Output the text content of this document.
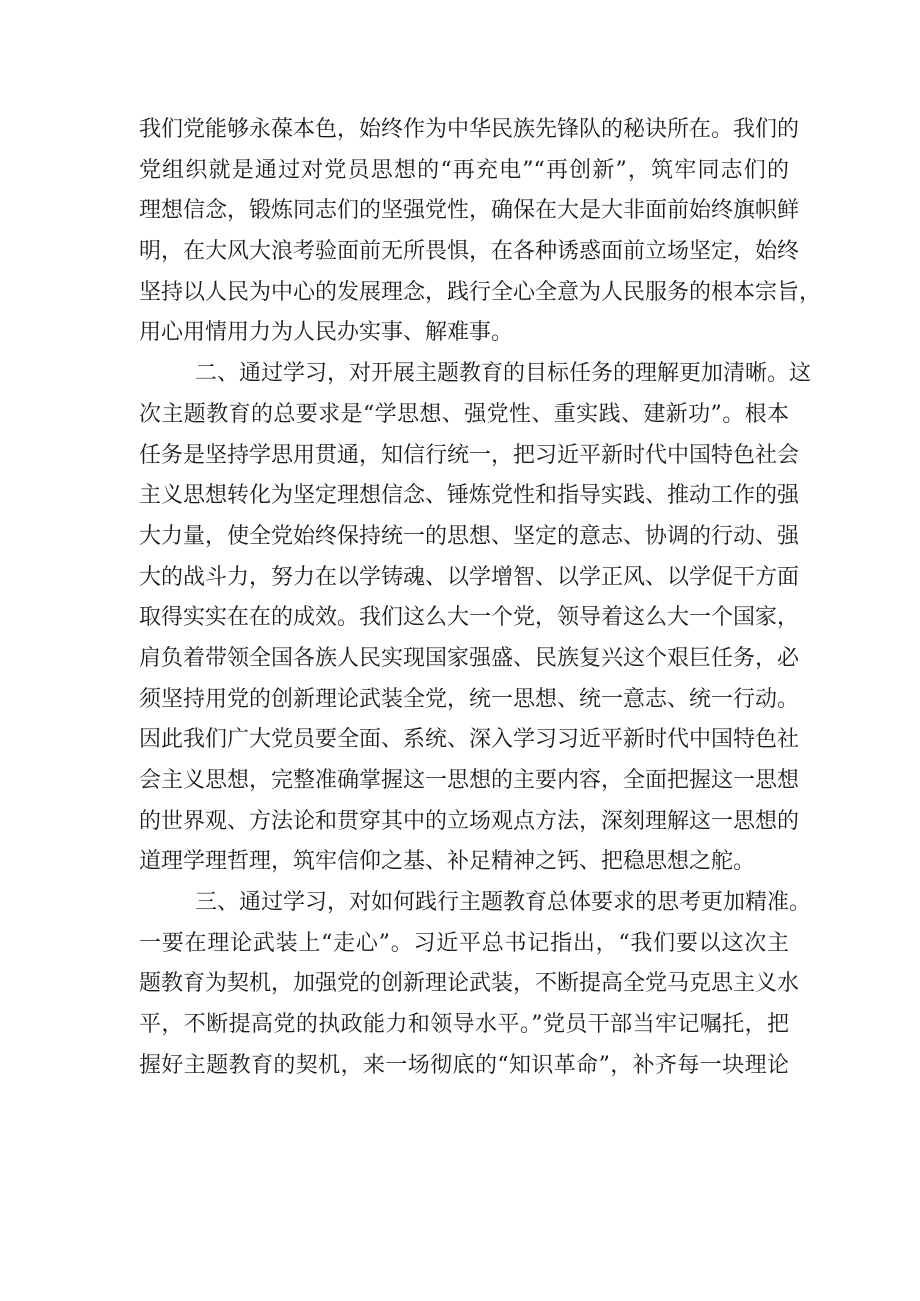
我们党能够永葆本色，始终作为中华民族先锋队的秘诀所在。我们的
党组织就是通过对党员思想的“再充电”“再创新”，筑牢同志们的
理想信念，锻炼同志们的坚强党性，确保在大是大非面前始终旗帜鲜
明，在大风大浪考验面前无所畏惧，在各种诱惑面前立场坚定，始终
坚持以人民为中心的发展理念，践行全心全意为人民服务的根本宗旨，
用心用情用力为人民办实事、解难事。
二、通过学习，对开展主题教育的目标任务的理解更加清晰。这
次主题教育的总要求是“学思想、强党性、重实践、建新功”。根本
任务是坚持学思用贯通，知信行统一，把习近平新时代中国特色社会
主义思想转化为坚定理想信念、锤炼党性和指导实践、推动工作的强
大力量，使全党始终保持统一的思想、坚定的意志、协调的行动、强
大的战斗力，努力在以学铸魂、以学增智、以学正风、以学促干方面
取得实实在在的成效。我们这么大一个党，领导着这么大一个国家，
肩负着带领全国各族人民实现国家强盛、民族复兴这个艰巨任务，必
须坚持用党的创新理论武装全党，统一思想、统一意志、统一行动。
因此我们广大党员要全面、系统、深入学习习近平新时代中国特色社
会主义思想，完整准确掌握这一思想的主要内容，全面把握这一思想
的世界观、方法论和贯穿其中的立场观点方法，深刻理解这一思想的
道理学理哲理，筑牢信仰之基、补足精神之钙、把稳思想之舵。
三、通过学习，对如何践行主题教育总体要求的思考更加精准。
一要在理论武装上“走心”。习近平总书记指出，“我们要以这次主
题教育为契机，加强党的创新理论武装，不断提高全党马克思主义水
平，不断提高党的执政能力和领导水平。”党员干部当牢记嘱托，把
握好主题教育的契机，来一场彻底的“知识革命”，补齐每一块理论
